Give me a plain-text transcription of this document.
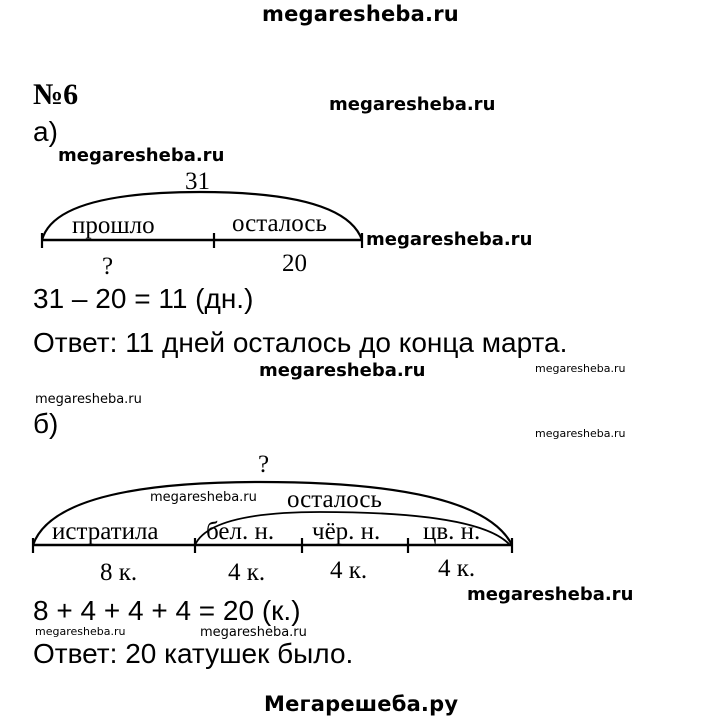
megaresheba.ru
megaresheba.ru
megaresheba.ru
megaresheba.ru
megaresheba.ru	megaresheba.ru
megaresheba.ru
megaresheba.ru
megaresheba.ru
megaresheba.ru
megaresheba.ru	megaresheba.ru
Мегарешеба.ру
№6
а)
31
прошло	осталось
?	20
31 – 20 = 11 (дн.)
Ответ: 11 дней осталось до конца марта.
б)
?
осталось
истратила бел. н. чёр. н. цв. н.
8 к.	4 к.	4 к.	4 к.
8 + 4 + 4 + 4 = 20 (к.)
Ответ: 20 катушек было.
